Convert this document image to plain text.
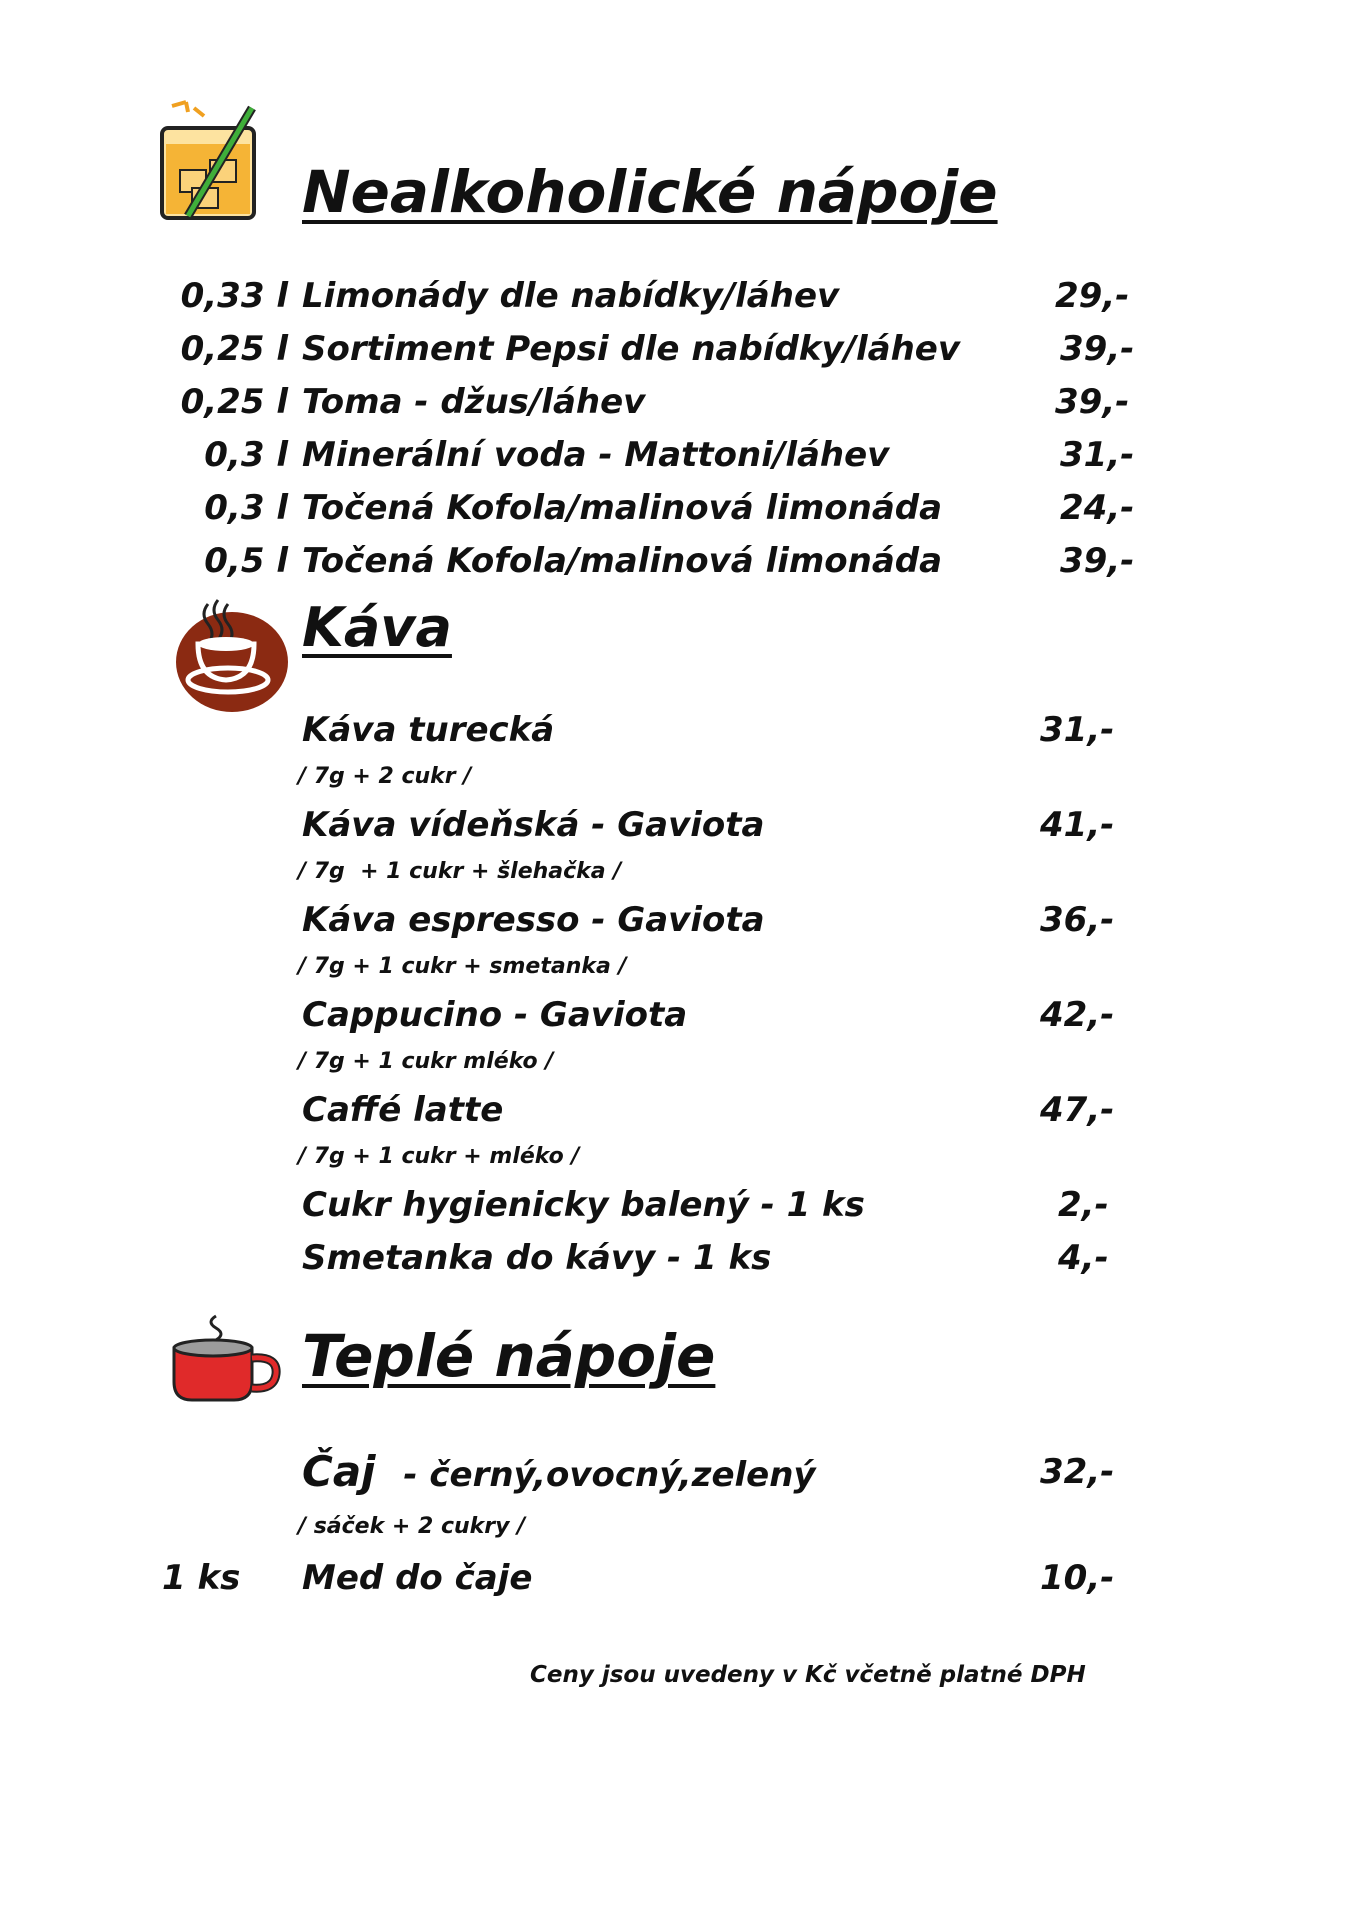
Nealkoholické nápoje
0,33 l Limonády dle nabídky/láhev	29,-
0,25 l Sortiment Pepsi dle nabídky/láhev	39,-
0,25 l Toma - džus/láhev	39,-
0,3 l Minerální voda - Mattoni/láhev	31,-
0,3 l Točená Kofola/malinová limonáda	24,-
0,5 l Točená Kofola/malinová limonáda	39,-
Káva
Káva turecká	31,-
/ 7g + 2 cukr /
Káva vídeňská - Gaviota	41,-
/ 7g  + 1 cukr + šlehačka /
Káva espresso - Gaviota	36,-
/ 7g + 1 cukr + smetanka /
Cappucino - Gaviota	42,-
/ 7g + 1 cukr mléko /
Caffé latte	47,-
/ 7g + 1 cukr + mléko /
Cukr hygienicky balený - 1 ks	2,-
Smetanka do kávy - 1 ks	4,-
Teplé nápoje
Čaj - černý,ovocný,zelený	32,-
/ sáček + 2 cukry /
1 ks Med do čaje	10,-
Ceny jsou uvedeny v Kč včetně platné DPH
